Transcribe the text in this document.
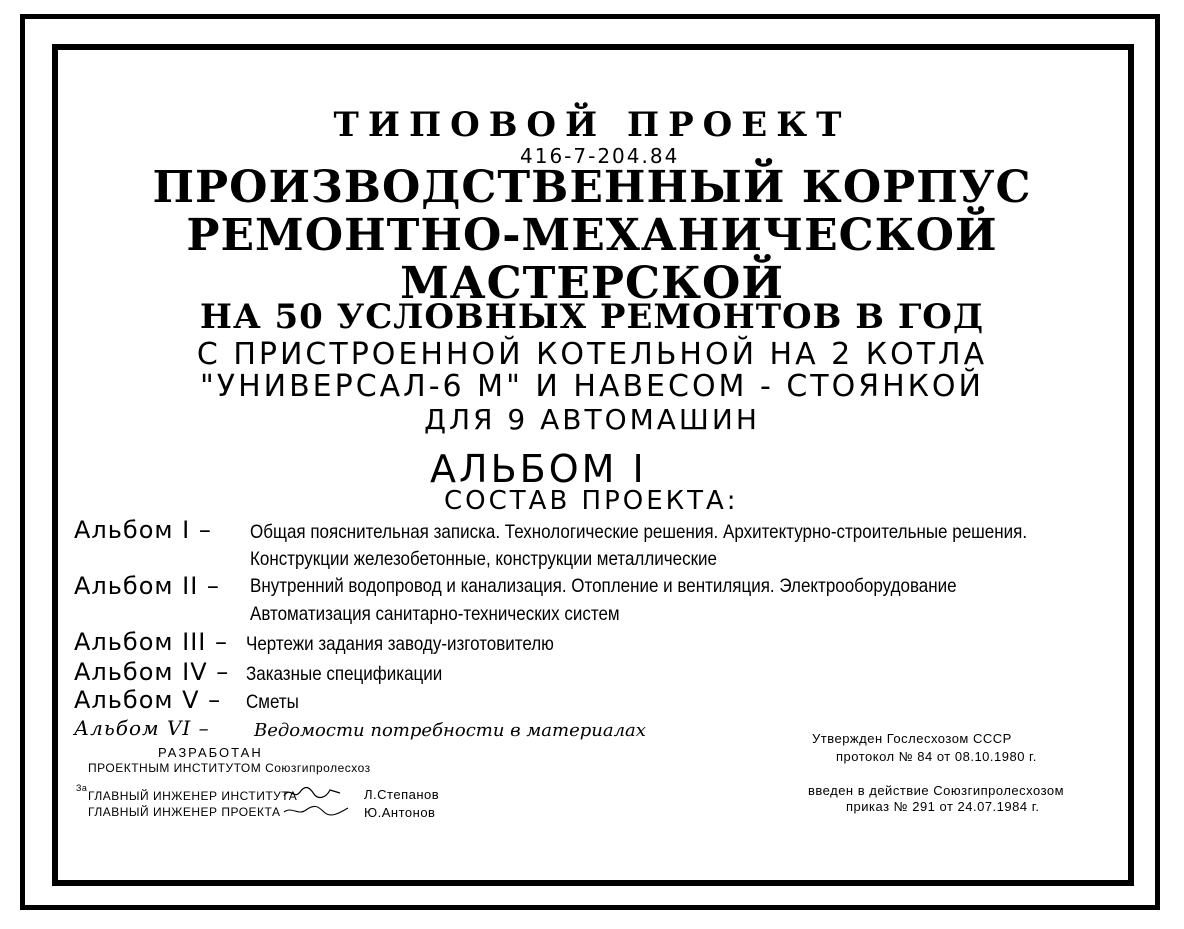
ТИПОВОЙ ПРОЕКТ
416-7-204.84
ПРОИЗВОДСТВЕННЫЙ КОРПУС
РЕМОНТНО-МЕХАНИЧЕСКОЙ
МАСТЕРСКОЙ
НА 50 УСЛОВНЫХ РЕМОНТОВ В ГОД
С ПРИСТРОЕННОЙ КОТЕЛЬНОЙ НА 2 КОТЛА
"УНИВЕРСАЛ-6 М" И НАВЕСОМ - СТОЯНКОЙ
ДЛЯ 9 АВТОМАШИН
АЛЬБОМ I
СОСТАВ ПРОЕКТА:
Альбом I – Общая пояснительная записка. Технологические решения. Архитектурно-строительные решения.
Конструкции железобетонные, конструкции металлические
Альбом II – Внутренний водопровод и канализация. Отопление и вентиляция. Электрооборудование
Автоматизация санитарно-технических систем
Альбом III – Чертежи задания заводу-изготовителю
Альбом IV – Заказные спецификации
Альбом V – Сметы
Альбом VI – Ведомости потребности в материалах
РАЗРАБОТАН
ПРОЕКТНЫМ ИНСТИТУТОМ Союзгипролесхоз
За
ГЛАВНЫЙ ИНЖЕНЕР ИНСТИТУТА	Л.Степанов
ГЛАВНЫЙ ИНЖЕНЕР ПРОЕКТА	Ю.Антонов
Утвержден Гослесхозом СССР
протокол № 84 от 08.10.1980 г.
введен в действие Союзгипролесхозом
приказ № 291 от 24.07.1984 г.
